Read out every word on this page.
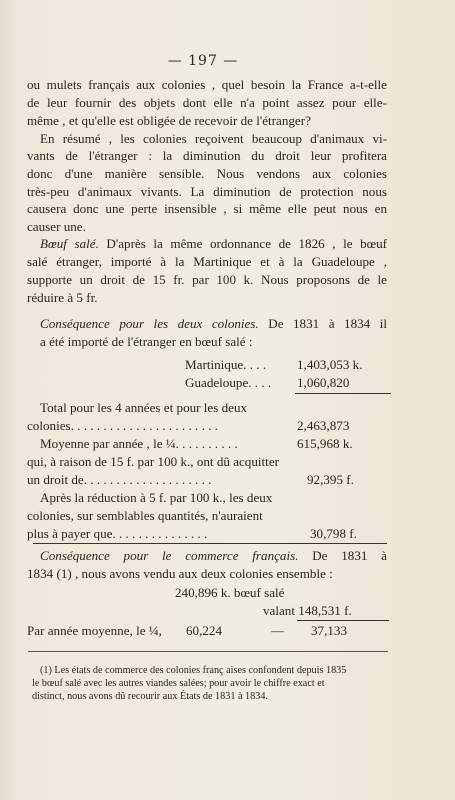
— 197 —
ou mulets français aux colonies , quel besoin la France a-t-elle
de leur fournir des objets dont elle n'a point assez pour elle-
même , et qu'elle est obligée de recevoir de l'étranger?
En résumé , les colonies reçoivent beaucoup d'animaux vi-
vants de l'étranger : la diminution du droit leur profitera
donc d'une manière sensible. Nous vendons aux colonies
très-peu d'animaux vivants. La diminution de protection nous
causera donc une perte insensible , si même elle peut nous en
causer une.
Bœuf salé. D'après la même ordonnance de 1826 , le bœuf
salé étranger, importé à la Martinique et à la Guadeloupe ,
supporte un droit de 15 fr. par 100 k. Nous proposons de le
réduire à 5 fr.
Conséquence pour les deux colonies. De 1831 à 1834 il
a été importé de l'étranger en bœuf salé :
Martinique. . . .	1,403,053 k.
Guadeloupe. . . .	1,060,820
Total pour les 4 années et pour les deux
colonies. . . . . . . . . . . . . . . . . . . . . . .	2,463,873
Moyenne par année , le ¼. . . . . . . . . .	615,968 k.
qui, à raison de 15 f. par 100 k., ont dû acquitter
un droit de. . . . . . . . . . . . . . . . . . . .	92,395 f.
Après la réduction à 5 f. par 100 k., les deux
colonies, sur semblables quantités, n'auraient
plus à payer que. . . . . . . . . . . . . . .	30,798 f.
Conséquence pour le commerce français. De 1831 à
1834 (1) , nous avons vendu aux deux colonies ensemble :
240,896 k. bœuf salé
valant 148,531 f.
Par année moyenne, le ¼,	60,224	—	37,133
(1) Les états de commerce des colonies franç aises confondent depuis 1835
le bœuf salé avec les autres viandes salées; pour avoir le chiffre exact et
distinct, nous avons dû recourir aux États de 1831 à 1834.
